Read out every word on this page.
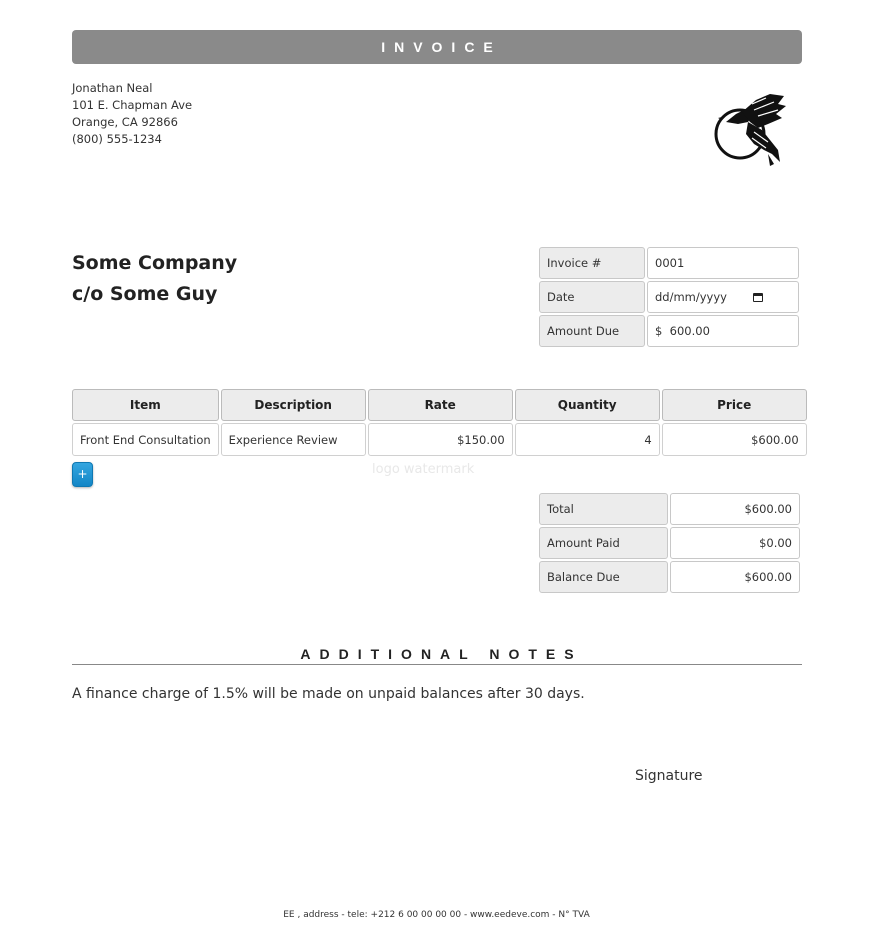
INVOICE
Jonathan Neal
101 E. Chapman Ave
Orange, CA 92866
(800) 555-1234
Some Company
c/o Some Guy
Invoice #	0001
Date	dd/mm/yyyy
Amount Due	$ 600.00
Item	Description	Rate	Quantity	Price
Front End Consultation	Experience Review	$150.00	4	$600.00
+	logo watermark
Total	$600.00
Amount Paid	$0.00
Balance Due	$600.00
ADDITIONAL NOTES
A finance charge of 1.5% will be made on unpaid balances after 30 days.
Signature
EE , address - tele: +212 6 00 00 00 00 - www.eedeve.com - N° TVA
